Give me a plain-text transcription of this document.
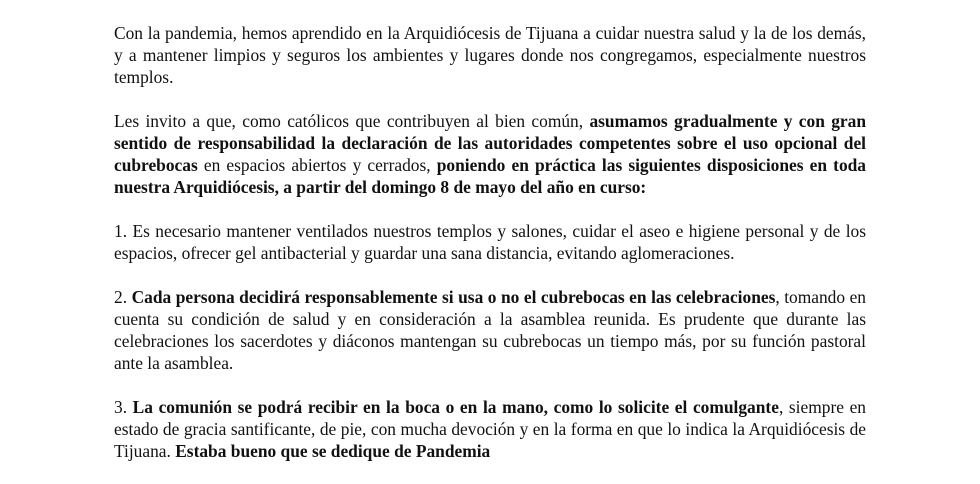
Con la pandemia, hemos aprendido en la Arquidiócesis de Tijuana a cuidar nuestra salud y la de los demás, y a mantener limpios y seguros los ambientes y lugares donde nos congregamos, especialmente nuestros templos.

Les invito a que, como católicos que contribuyen al bien común, asumamos gradualmente y con gran sentido de responsabilidad la declaración de las autoridades competentes sobre el uso opcional del cubrebocas en espacios abiertos y cerrados, poniendo en práctica las siguientes disposiciones en toda nuestra Arquidiócesis, a partir del domingo 8 de mayo del año en curso:

1. Es necesario mantener ventilados nuestros templos y salones, cuidar el aseo e higiene personal y de los espacios, ofrecer gel antibacterial y guardar una sana distancia, evitando aglomeraciones.

2. Cada persona decidirá responsablemente si usa o no el cubrebocas en las celebraciones, tomando en cuenta su condición de salud y en consideración a la asamblea reunida. Es prudente que durante las celebraciones los sacerdotes y diáconos mantengan su cubrebocas un tiempo más, por su función pastoral ante la asamblea.

3. La comunión se podrá recibir en la boca o en la mano, como lo solicite el comulgante, siempre en estado de gracia santificante, de pie, con mucha devoción y en la forma en que lo indica la Arquidiócesis de Tijuana. Estaba bueno que se dedique de Pandemia
